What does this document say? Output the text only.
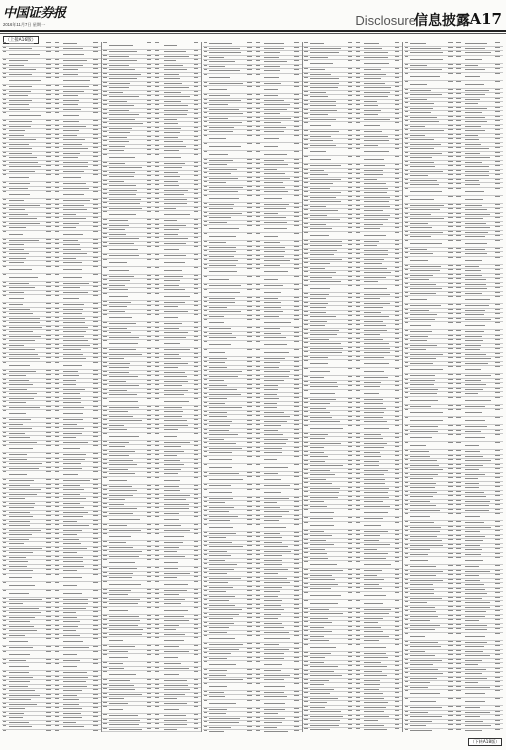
中国证券报
2016年11月7日 星期一	Disclosure
信息披露 A17
（上接A16版）
（下转A18版）
